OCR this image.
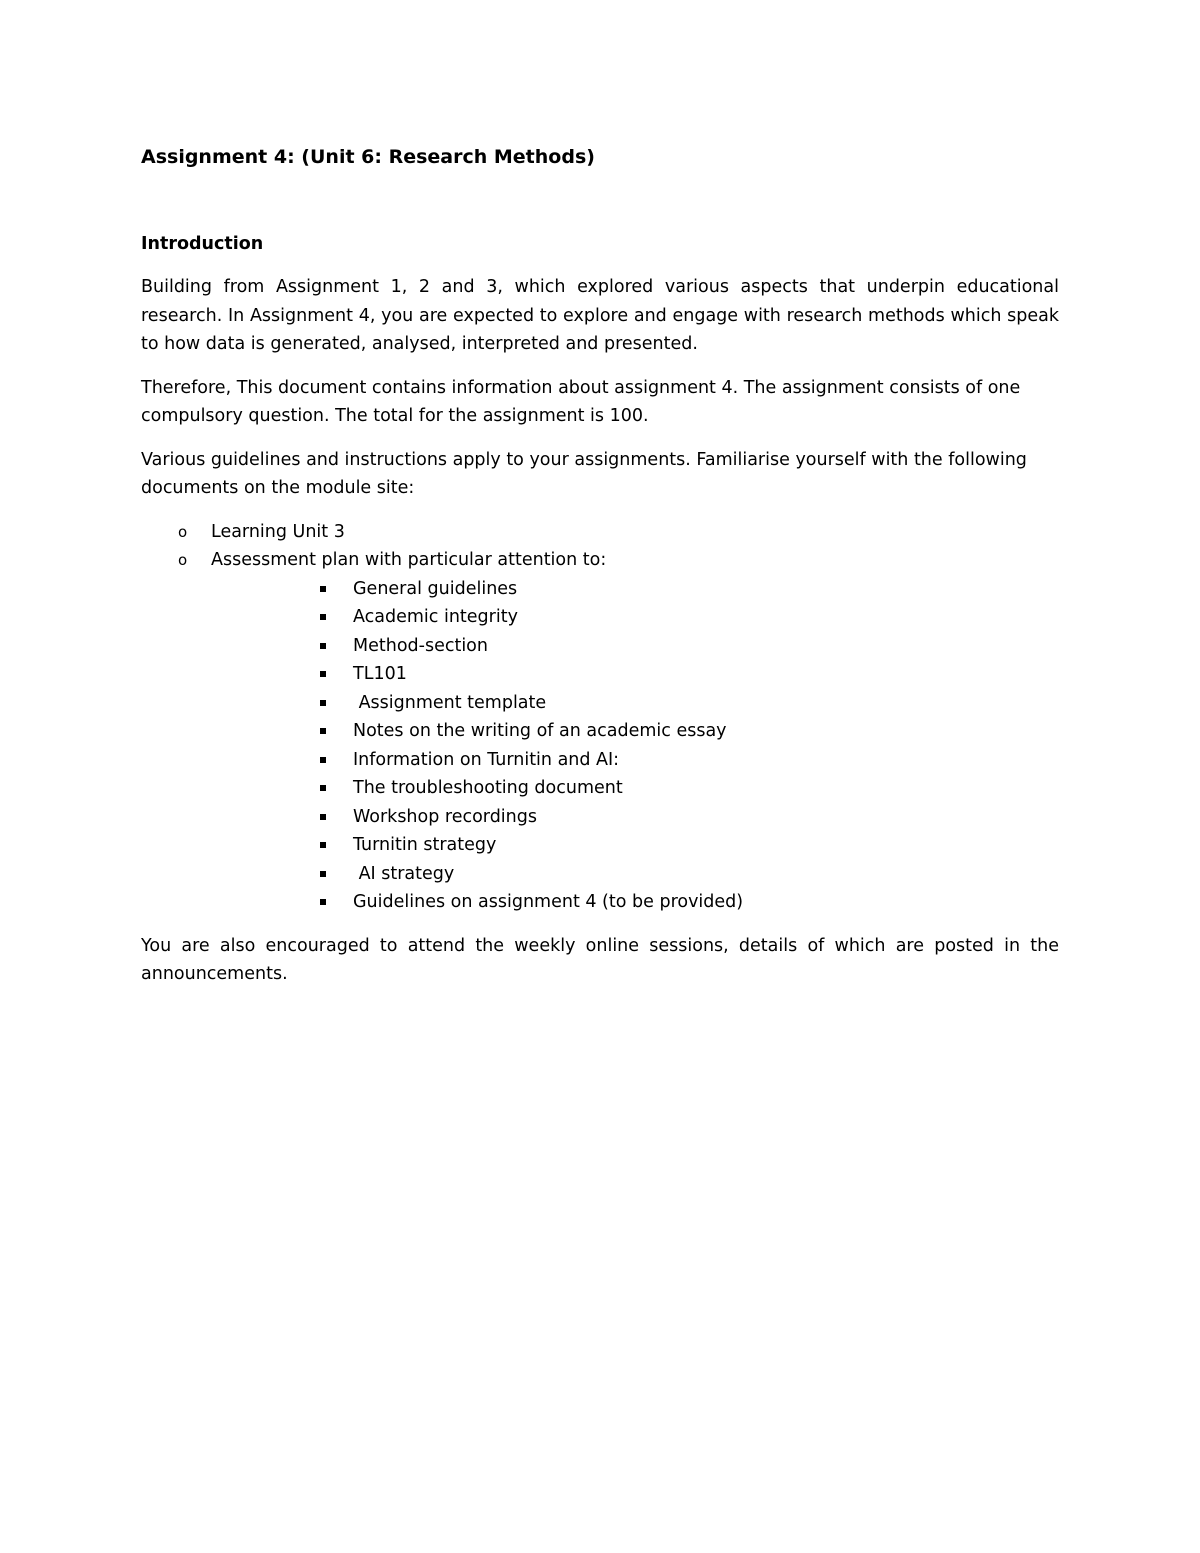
Assignment 4: (Unit 6: Research Methods)
Introduction

Building from Assignment 1, 2 and 3, which explored various aspects that underpin educational research. In Assignment 4, you are expected to explore and engage with research methods which speak to how data is generated, analysed, interpreted and presented.

Therefore, This document contains information about assignment 4. The assignment consists of one compulsory question. The total for the assignment is 100.

Various guidelines and instructions apply to your assignments. Familiarise yourself with the following documents on the module site:

o Learning Unit 3
o Assessment plan with particular attention to:
General guidelines
Academic integrity
Method-section
TL101
Assignment template
Notes on the writing of an academic essay
Information on Turnitin and AI:
The troubleshooting document
Workshop recordings
Turnitin strategy
AI strategy
Guidelines on assignment 4 (to be provided)

You are also encouraged to attend the weekly online sessions, details of which are posted in the announcements.
